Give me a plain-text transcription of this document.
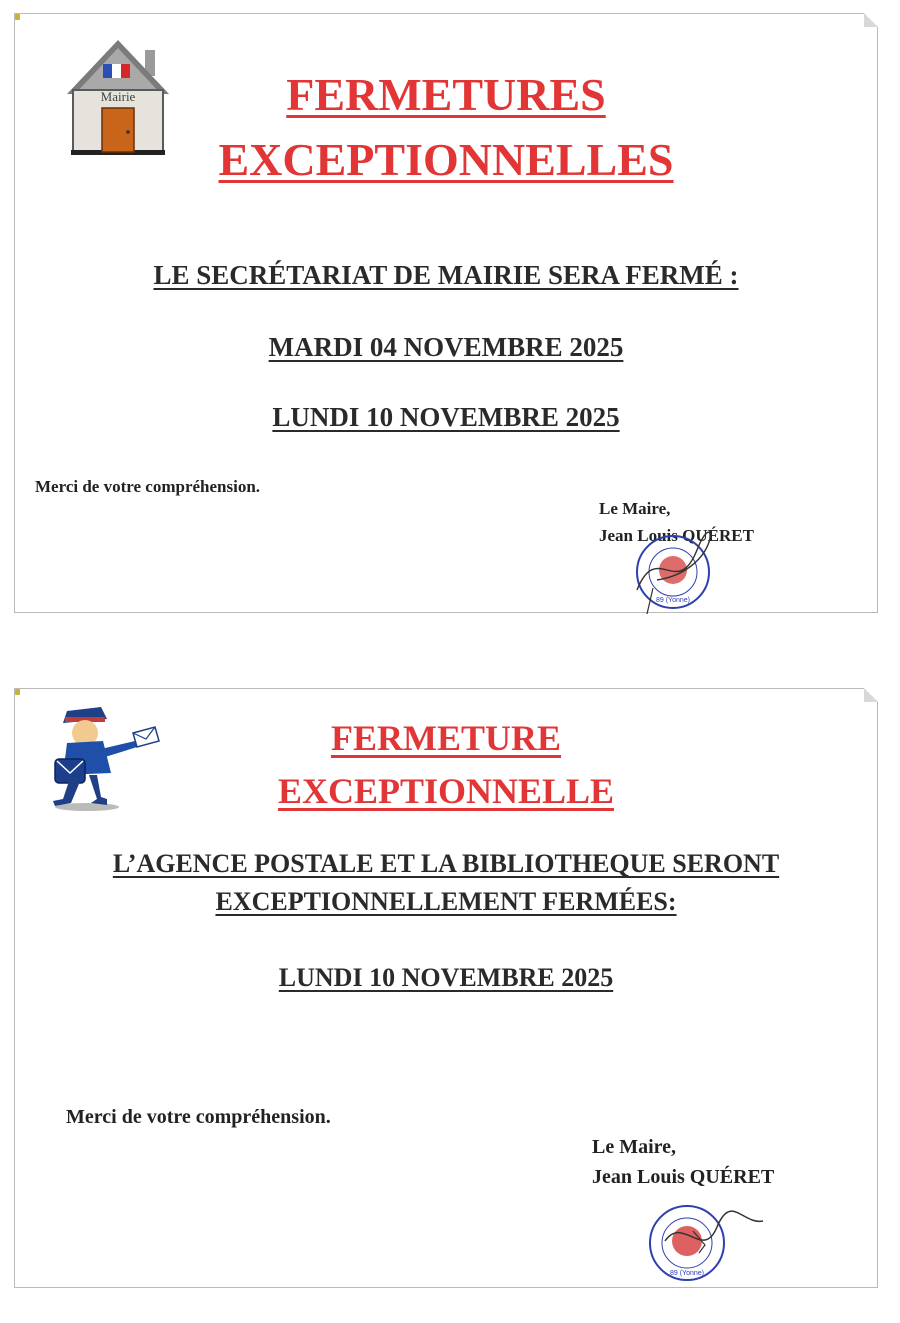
Mairie	FERMETURES
EXCEPTIONNELLES

LE SECRÉTARIAT DE MAIRIE SERA FERMÉ :

MARDI 04 NOVEMBRE 2025

LUNDI 10 NOVEMBRE 2025

Merci de votre compréhension.

Le Maire,

Jean Louis QUÉRET

89 (Yonne)
FERMETURE
EXCEPTIONNELLE

L’AGENCE POSTALE ET LA BIBLIOTHEQUE SERONT

EXCEPTIONNELLEMENT FERMÉES:

LUNDI 10 NOVEMBRE 2025

Merci de votre compréhension.

Le Maire,

Jean Louis QUÉRET

89 (Yonne)
